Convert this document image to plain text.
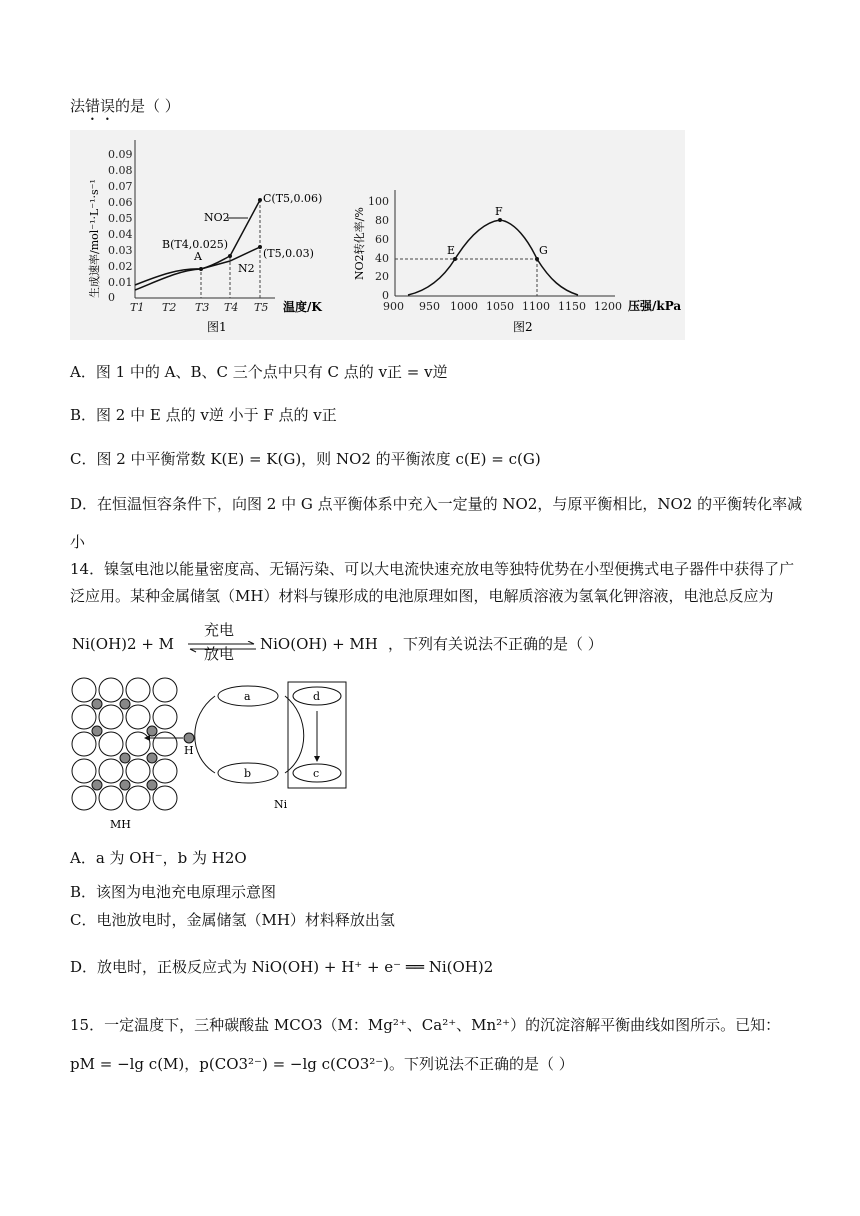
法错误的是（ ）
生成速率/mol⁻¹·L⁻¹·s⁻¹ 0
0.01
0.02
0.03
0.04
0.05
0.06
0.07
0.08
0.09
A
B(T4,0.025)
C(T5,0.06)
(T5,0.03)
NO2
N2
T1 T2 T3 T4 T5 温度/K
图1
NO2转化率/%
0
20
40
60
80
100
E
F
G
900 950 1000 1050 1100 1150 1200 压强/kPa
图2
A．图 1 中的 A、B、C 三个点中只有 C 点的 v正 = v逆
B．图 2 中 E 点的 v逆 小于 F 点的 v正
C．图 2 中平衡常数 K(E) = K(G)，则 NO2 的平衡浓度 c(E) = c(G)
D．在恒温恒容条件下，向图 2 中 G 点平衡体系中充入一定量的 NO2，与原平衡相比，NO2 的平衡转化率减
小
14．镍氢电池以能量密度高、无镉污染、可以大电流快速充放电等独特优势在小型便携式电子器件中获得了广
泛应用。某种金属储氢（MH）材料与镍形成的电池原理如图，电解质溶液为氢氧化钾溶液，电池总反应为
Ni(OH)2 + M
充电
放电
NiO(OH) + MH ，下列有关说法不正确的是（ ）
H
MH
a
b
d
c
Ni
A．a 为 OH⁻，b 为 H2O
B．该图为电池充电原理示意图
C．电池放电时，金属储氢（MH）材料释放出氢
D．放电时，正极反应式为 NiO(OH) + H⁺ + e⁻ ══ Ni(OH)2
15．一定温度下，三种碳酸盐 MCO3（M：Mg²⁺、Ca²⁺、Mn²⁺）的沉淀溶解平衡曲线如图所示。已知：
pM = −lg c(M)，p(CO3²⁻) = −lg c(CO3²⁻)。下列说法不正确的是（ ）
